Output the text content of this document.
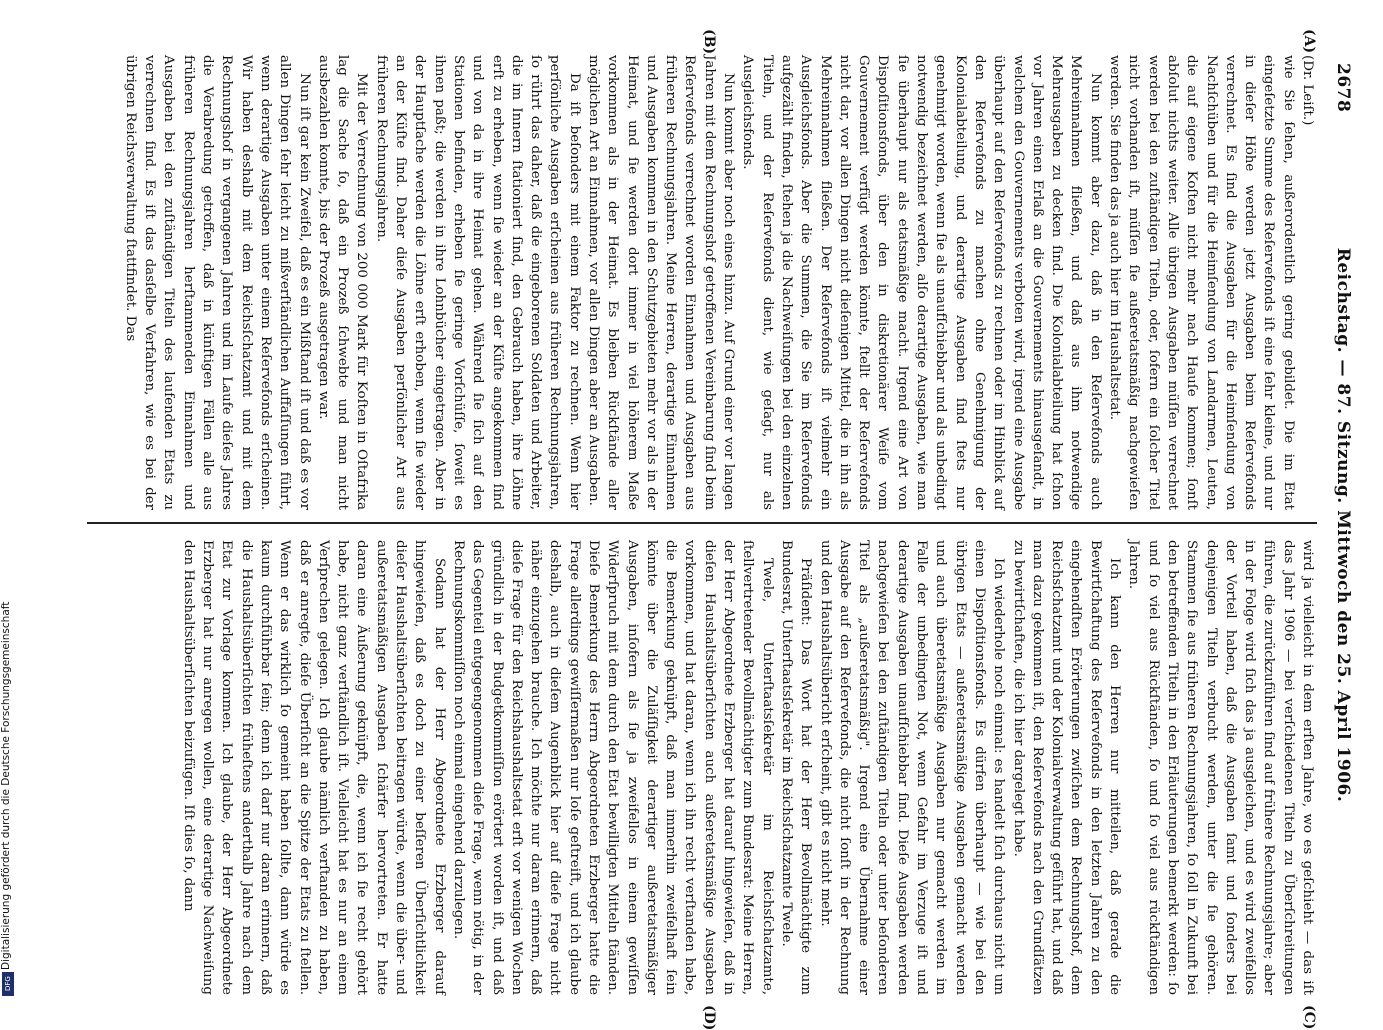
Digitalisierung gefördert durch die Deutsche Forschungsgemeinschaft
DFG
2678
Reichstag. — 87. Sitzung. Mittwoch den 25. April 1906.
(A)
(B)
(C)
(D)

(Dr. Leiſt.)

wie Sie ſehen, außerordentlich gering gebildet. Die im Etat eingeſetzte Summe des Reſervefonds iſt eine ſehr kleine, und nur in dieſer Höhe werden jetzt Ausgaben beim Reſervefonds verrechnet. Es ſind die Ausgaben für die Heimſendung von Nachſchüben und für die Heimſendung von Landarmen, Leuten, die auf eigene Koſten nicht mehr nach Hauſe kommen; ſonſt abſolut nichts weiter. Alle übrigen Ausgaben müſſen verrechnet werden bei den zuſtändigen Titeln, oder, ſofern ein ſolcher Titel nicht vorhanden iſt, müſſen ſie außeretatsmäßig nachgewieſen werden. Sie finden das ja auch hier im Haushaltsetat.

Nun kommt aber dazu, daß in den Reſervefonds auch Mehreinnahmen fließen, und daß aus ihm notwendige Mehrausgaben zu decken ſind. Die Kolonialabteilung hat ſchon vor Jahren einen Erlaß an die Gouvernements hinausgeſandt, in welchem den Gouvernements verboten wird, irgend eine Ausgabe überhaupt auf den Reſervefonds zu rechnen oder im Hinblick auf den Reſervefonds zu machen ohne Genehmigung der Kolonialabteilung, und derartige Ausgaben ſind ſtets nur genehmigt worden, wenn ſie als unaufſchiebbar und als unbedingt notwendig bezeichnet werden, alſo derartige Ausgaben, wie man ſie überhaupt nur als etatsmäßige macht. Irgend eine Art von Dispoſitionsfonds, über den in diskretionärer Weiſe vom Gouvernement verfügt werden könnte, ſtellt der Reſervefonds nicht dar, vor allen Dingen nicht dieſenigen Mittel, die in ihn als Mehreinnahmen fließen. Der Reſervefonds iſt vielmehr ein Ausgleichsfonds. Aber die Summen, die Sie im Reſervefonds aufgezählt finden, ſtehen ja die Nachweiſungen bei den einzelnen Titeln, und der Reſervefonds dient, wie geſagt, nur als Ausgleichsfonds.

Nun kommt aber noch eines hinzu. Auf Grund einer vor langen Jahren mit dem Rechnungshof getroffenen Vereinbarung ſind beim Reſervefonds verrechnet worden Einnahmen und Ausgaben aus früheren Rechnungsjahren. Meine Herren, derartige Einnahmen und Ausgaben kommen in den Schutzgebieten mehr vor als in der Heimat, und ſie werden dort immer in viel höherem Maße vorkommen als in der Heimat. Es bleiben Rückſtände aller möglichen Art an Einnahmen, vor allen Dingen aber an Ausgaben.

Da iſt beſonders mit einem Faktor zu rechnen. Wenn hier perſönliche Ausgaben erſcheinen aus früheren Rechnungsjahren, ſo rührt das daher, daß die eingeborenen Soldaten und Arbeiter, die im Innern ſtationiert ſind, den Gebrauch haben, ihre Löhne erſt zu erheben, wenn ſie wieder an der Küſte angekommen ſind und von da in ihre Heimat gehen. Während ſie ſich auf den Stationen befinden, erheben ſie geringe Vorſchüſſe, ſoweit es ihnen paßt; die werden in ihre Lohnbücher eingetragen. Aber in der Hauptſache werden die Löhne erſt erhoben, wenn ſie wieder an der Küſte ſind. Daher dieſe Ausgaben perſönlicher Art aus früheren Rechnungsjahren.

Mit der Verrechnung von 200 000 Mark für Koſten in Oſtafrika lag die Sache ſo, daß ein Prozeß ſchwebte und man nicht ausbezahlen konnte, bis der Prozeß ausgetragen war.

Nun iſt gar kein Zweifel, daß es ein Mißſtand iſt und daß es vor allen Dingen ſehr leicht zu mißverſtändlichen Auffaſſungen führt, wenn derartige Ausgaben unter einem Reſervefonds erſcheinen. Wir haben deshalb mit dem Reichsſchatzamt und mit dem Rechnungshof in vergangenen Jahren und im Laufe dieſes Jahres die Verabredung getroffen, daß in künftigen Fällen alle aus früheren Rechnungsjahren herſtammenden Einnahmen und Ausgaben bei den zuſtändigen Titeln des laufenden Etats zu verrechnen ſind. Es iſt das dasſelbe Verfahren, wie es bei der übrigen Reichsverwaltung ſtattfindet. Das

wird ja vielleicht in dem erſten Jahre, wo es geſchieht — das iſt das Jahr 1906 — bei verſchiedenen Titeln zu Überſchreitungen führen, die zurückzuführen ſind auf frühere Rechnungsjahre; aber in der Folge wird ſich das ja ausgleichen, und es wird zweifellos der Vorteil haben, daß die Ausgaben ſamt und ſonders bei denjenigen Titeln verbucht werden, unter die ſie gehören. Stammen ſie aus früheren Rechnungsjahren, ſo ſoll in Zukunft bei den betreffenden Titeln in den Erläuterungen bemerkt werden: ſo und ſo viel aus Rückſtänden, ſo und ſo viel aus rückſtändigen Jahren.

Ich kann den Herren nur mitteilen, daß gerade die Bewirtſchaftung des Reſervefonds in den letzten Jahren zu den eingehendſten Erörterungen zwiſchen dem Rechnungshof, dem Reichsſchatzamt und der Kolonialverwaltung geführt hat, und daß man dazu gekommen iſt, den Reſervefonds nach den Grundſätzen zu bewirtſchaften, die ich hier dargelegt habe.

Ich wiederhole noch einmal: es handelt ſich durchaus nicht um einen Dispoſitionsfonds. Es dürfen überhaupt — wie bei den übrigen Etats — außeretatsmäßige Ausgaben gemacht werden und auch überetatsmäßige Ausgaben nur gemacht werden im Falle der unbedingten Not, wenn Gefahr im Verzuge iſt und derartige Ausgaben unaufſchiebbar ſind. Dieſe Ausgaben werden nachgewieſen bei den zuſtändigen Titeln oder unter beſonderen Titel als „außeretatsmäßig". Irgend eine Übernahme einer Ausgabe auf den Reſervefonds, die nicht ſonſt in der Rechnung und den Haushaltsübericht erſcheint, gibt es nicht mehr.

Präſident: Das Wort hat der Herr Bevollmächtigte zum Bundesrat, Unterſtaatsſekretär im Reichsſchatzamte Twele.

Twele, Unterſtaatsſekretär im Reichsſchatzamte, ſtellvertretender Bevollmächtigter zum Bundesrat: Meine Herren, der Herr Abgeordnete Erzberger hat darauf hingewieſen, daß in dieſen Haushaltsüberſichten auch außeretatsmäßige Ausgaben vorkommen, und hat daran, wenn ich ihn recht verſtanden habe, die Bemerkung geknüpft, daß man immerhin zweifelhaft ſein könnte über die Zuläſſigkeit derartiger außeretatsmäßiger Ausgaben, inſofern als ſie ja zweifellos in einem gewiſſen Widerſpruch mit dem durch den Etat bewilligten Mitteln ſtänden. Dieſe Bemerkung des Herrn Abgeordneten Erzberger hatte die Frage allerdings gewiſſermaßen nur loſe geſtreift, und ich glaube deshalb, auch in dieſem Augenblick hier auf dieſe Frage nicht näher einzugehen brauche. Ich möchte nur daran erinnern, daß dieſe Frage für den Reichshaushaltsetat erſt vor wenigen Wochen gründlich in der Budgetkommiſſion erörtert worden iſt, und daß das Gegenteil entgegengenommen dieſe Frage, wenn nötig, in der Rechnungskommiſſion noch einmal eingehend darzulegen.

Sodann hat der Herr Abgeordnete Erzberger darauf hingewieſen, daß es doch zu einer beſſeren Überſichtlichkeit dieſer Haushaltsüberſichten beitragen würde, wenn die über- und außeretatsmäßigen Ausgaben ſchärfer hervortreten. Er hatte daran eine Äußerung geknüpft, die, wenn ich ſie recht gehört habe, nicht ganz verſtändlich iſt. Vielleicht hat es nur an einem Verſprechen gelegen. Ich glaube nämlich verſtanden zu haben, daß er anregte, dieſe Überſicht an die Spitze der Etats zu ſtellen. Wenn er das wirklich ſo gemeint haben ſollte, dann würde es kaum durchführbar ſein; denn ich darf nur daran erinnern, daß die Haushaltsüberſichten früheſtens anderthalb Jahre nach dem Etat zur Vorlage kommen. Ich glaube, der Herr Abgeordnete Erzberger hat nur anregen wollen, eine derartige Nachweiſung den Haushaltsüberſichten beizufügen. Iſt dies ſo, dann
